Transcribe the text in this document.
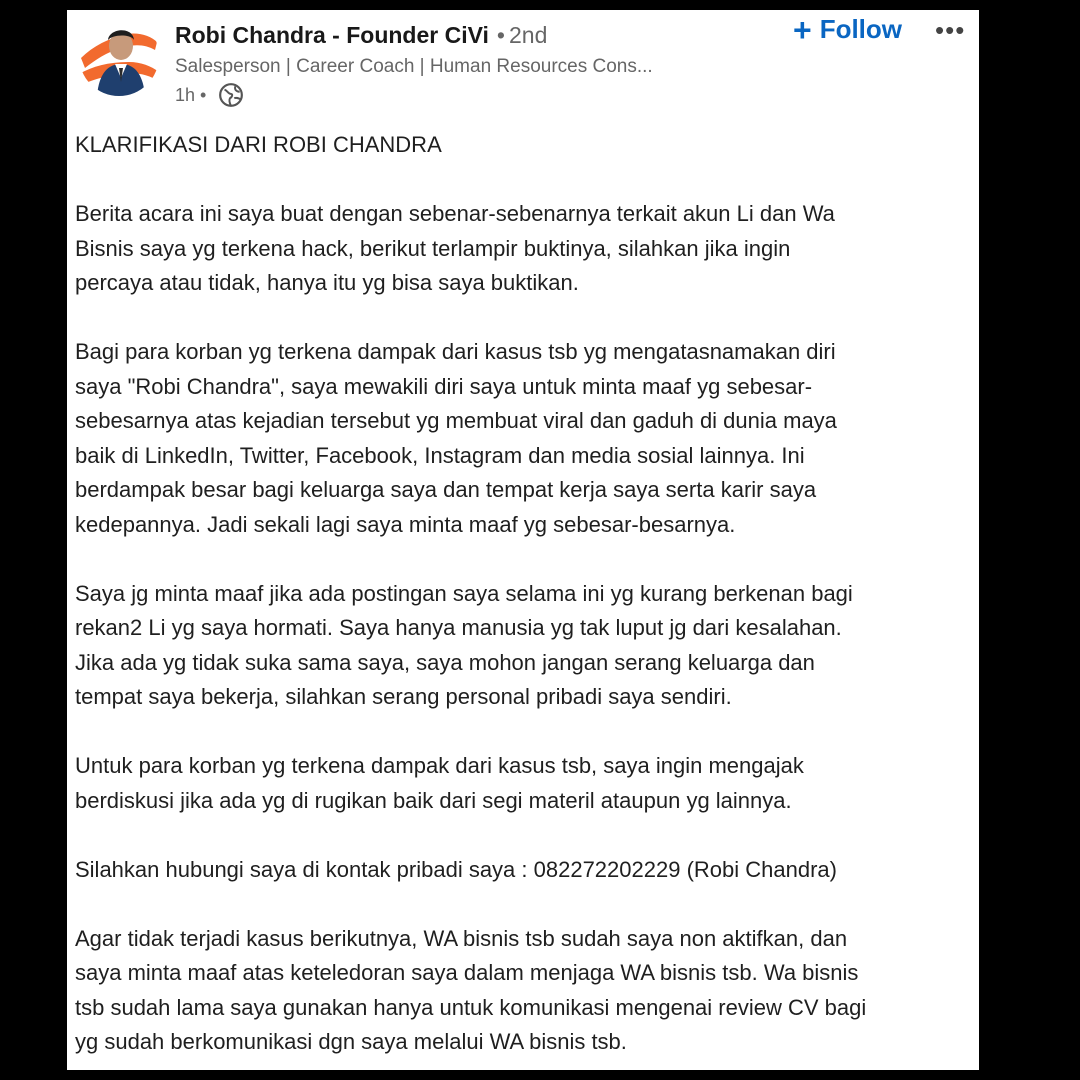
Robi Chandra - Founder CiVi • 2nd
Salesperson | Career Coach | Human Resources Cons...
1h •
+ Follow •••

KLARIFIKASI DARI ROBI CHANDRA

Berita acara ini saya buat dengan sebenar-sebenarnya terkait akun Li dan Wa
Bisnis saya yg terkena hack, berikut terlampir buktinya, silahkan jika ingin
percaya atau tidak, hanya itu yg bisa saya buktikan.

Bagi para korban yg terkena dampak dari kasus tsb yg mengatasnamakan diri
saya "Robi Chandra", saya mewakili diri saya untuk minta maaf yg sebesar-
sebesarnya atas kejadian tersebut yg membuat viral dan gaduh di dunia maya
baik di LinkedIn, Twitter, Facebook, Instagram dan media sosial lainnya. Ini
berdampak besar bagi keluarga saya dan tempat kerja saya serta karir saya
kedepannya. Jadi sekali lagi saya minta maaf yg sebesar-besarnya.

Saya jg minta maaf jika ada postingan saya selama ini yg kurang berkenan bagi
rekan2 Li yg saya hormati. Saya hanya manusia yg tak luput jg dari kesalahan.
Jika ada yg tidak suka sama saya, saya mohon jangan serang keluarga dan
tempat saya bekerja, silahkan serang personal pribadi saya sendiri.

Untuk para korban yg terkena dampak dari kasus tsb, saya ingin mengajak
berdiskusi jika ada yg di rugikan baik dari segi materil ataupun yg lainnya.

Silahkan hubungi saya di kontak pribadi saya : 082272202229 (Robi Chandra)

Agar tidak terjadi kasus berikutnya, WA bisnis tsb sudah saya non aktifkan, dan
saya minta maaf atas keteledoran saya dalam menjaga WA bisnis tsb. Wa bisnis
tsb sudah lama saya gunakan hanya untuk komunikasi mengenai review CV bagi
yg sudah berkomunikasi dgn saya melalui WA bisnis tsb.
